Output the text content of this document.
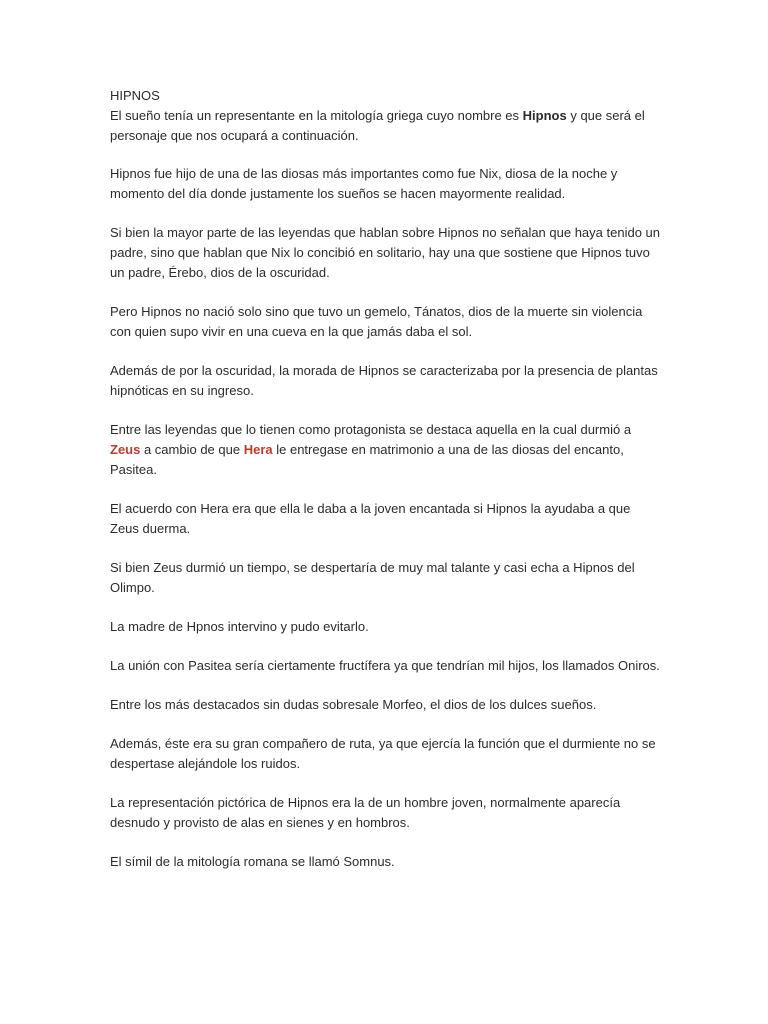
HIPNOS

El sueño tenía un representante en la mitología griega cuyo nombre es Hipnos y que será el personaje que nos ocupará a continuación.

Hipnos fue hijo de una de las diosas más importantes como fue Nix, diosa de la noche y momento del día donde justamente los sueños se hacen mayormente realidad.

Si bien la mayor parte de las leyendas que hablan sobre Hipnos no señalan que haya tenido un padre, sino que hablan que Nix lo concibió en solitario, hay una que sostiene que Hipnos tuvo un padre, Érebo, dios de la oscuridad.

Pero Hipnos no nació solo sino que tuvo un gemelo, Tánatos, dios de la muerte sin violencia con quien supo vivir en una cueva en la que jamás daba el sol.

Además de por la oscuridad, la morada de Hipnos se caracterizaba por la presencia de plantas hipnóticas en su ingreso.

Entre las leyendas que lo tienen como protagonista se destaca aquella en la cual durmió a Zeus a cambio de que Hera le entregase en matrimonio a una de las diosas del encanto, Pasitea.

El acuerdo con Hera era que ella le daba a la joven encantada si Hipnos la ayudaba a que Zeus duerma.

Si bien Zeus durmió un tiempo, se despertaría de muy mal talante y casi echa a Hipnos del Olimpo.

La madre de Hpnos intervino y pudo evitarlo.

La unión con Pasitea sería ciertamente fructífera ya que tendrían mil hijos, los llamados Oniros.

Entre los más destacados sin dudas sobresale Morfeo, el dios de los dulces sueños.

Además, éste era su gran compañero de ruta, ya que ejercía la función que el durmiente no se despertase alejándole los ruidos.

La representación pictórica de Hipnos era la de un hombre joven, normalmente aparecía desnudo y provisto de alas en sienes y en hombros.

El símil de la mitología romana se llamó Somnus.
